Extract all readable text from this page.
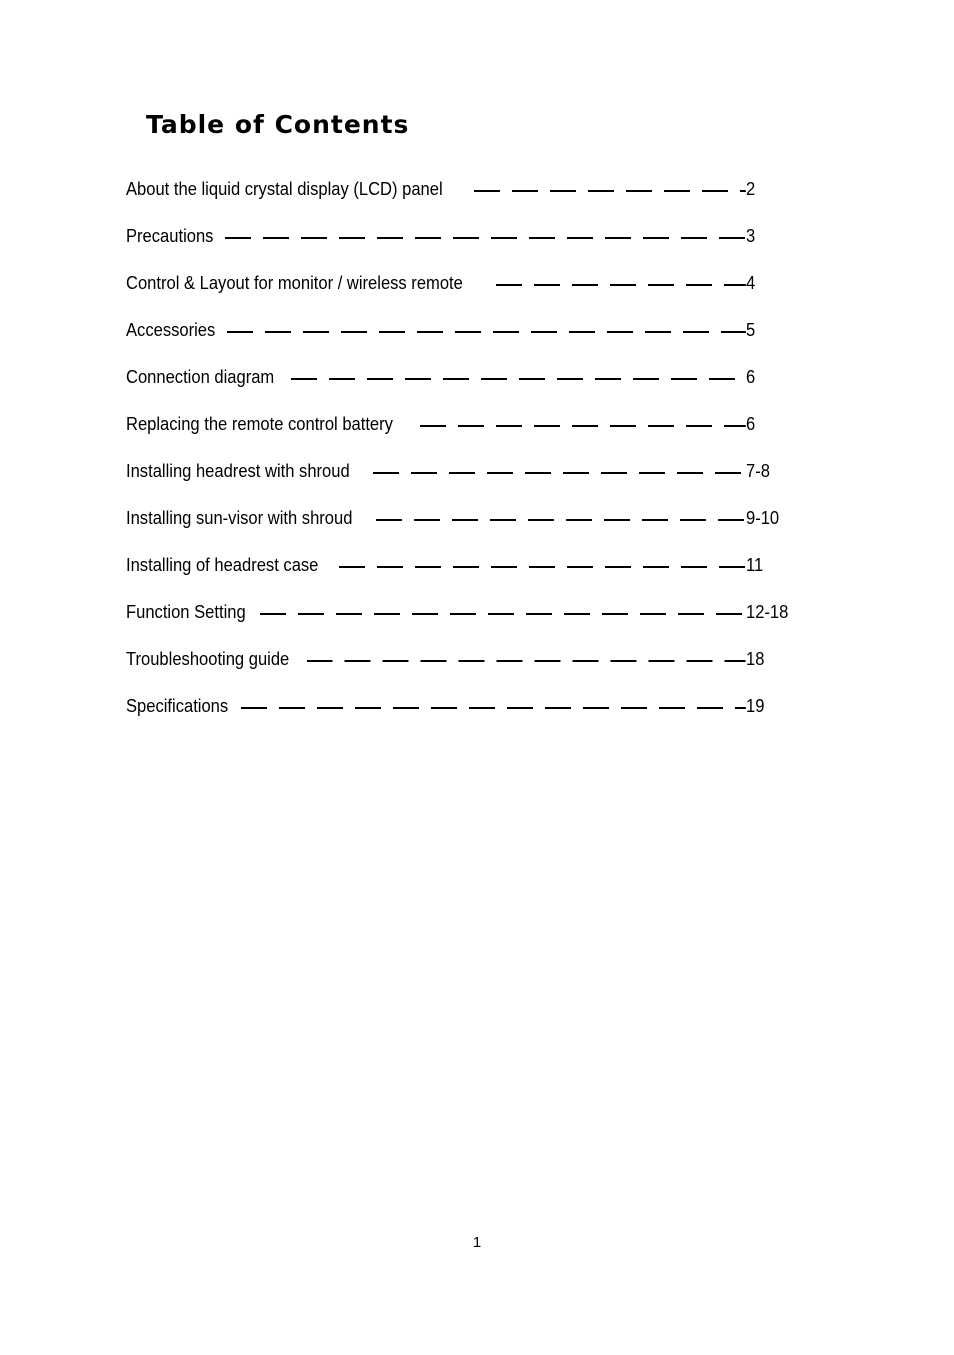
Table of Contents
About the liquid crystal display (LCD) panel	2
Precautions	3
Control & Layout for monitor / wireless remote	4
Accessories	5
Connection diagram	6
Replacing the remote control battery	6
Installing headrest with shroud	7-8
Installing sun-visor with shroud	9-10
Installing of headrest case	11
Function Setting	12-18
Troubleshooting guide	18
Specifications	19
1
